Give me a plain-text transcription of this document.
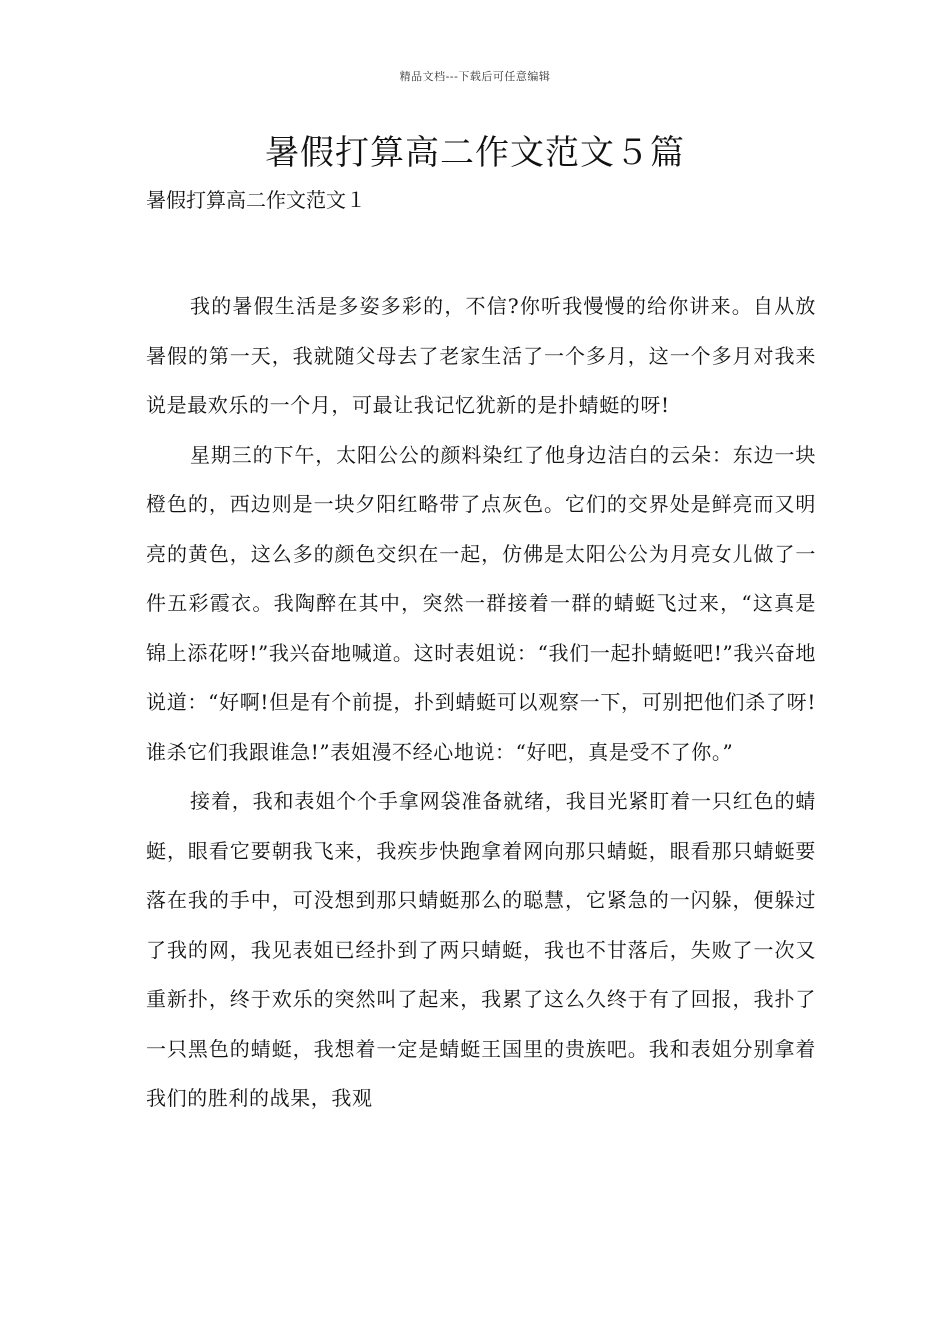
精品文档---下载后可任意编辑
暑假打算高二作文范文５篇
暑假打算高二作文范文１

我的暑假生活是多姿多彩的，不信?你听我慢慢的给你讲来。自从放暑假的第一天，我就随父母去了老家生活了一个多月，这一个多月对我来说是最欢乐的一个月，可最让我记忆犹新的是扑蜻蜓的呀!

星期三的下午，太阳公公的颜料染红了他身边洁白的云朵：东边一块橙色的，西边则是一块夕阳红略带了点灰色。它们的交界处是鲜亮而又明亮的黄色，这么多的颜色交织在一起，仿佛是太阳公公为月亮女儿做了一件五彩霞衣。我陶醉在其中，突然一群接着一群的蜻蜓飞过来，“这真是锦上添花呀!”我兴奋地喊道。这时表姐说：“我们一起扑蜻蜓吧!”我兴奋地说道：“好啊!但是有个前提，扑到蜻蜓可以观察一下，可别把他们杀了呀!谁杀它们我跟谁急!”表姐漫不经心地说：“好吧，真是受不了你。”

接着，我和表姐个个手拿网袋准备就绪，我目光紧盯着一只红色的蜻蜓，眼看它要朝我飞来，我疾步快跑拿着网向那只蜻蜓，眼看那只蜻蜓要落在我的手中，可没想到那只蜻蜓那么的聪慧，它紧急的一闪躲，便躲过了我的网，我见表姐已经扑到了两只蜻蜓，我也不甘落后，失败了一次又重新扑，终于欢乐的突然叫了起来，我累了这么久终于有了回报，我扑了一只黑色的蜻蜓，我想着一定是蜻蜓王国里的贵族吧。我和表姐分别拿着我们的胜利的战果，我观
